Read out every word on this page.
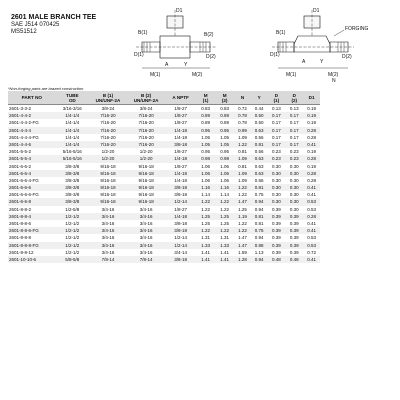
2601 MALE BRANCH TEE
SAE J514 070425
MS51512
D1
B(1)	B(2)
D(1)	D(2)
A	Y
M(1)	M(2)
D1
B(1)
FORGING
D(1)	D(2)
A	Y
M(1)	M(2)
N
*Non-forging parts are brazed construction
PART NO	TUBE
OD	B (1)
UN/UNF-2A	B (2)
UN/UNF-2A	A NPTF	M
(1)	M
(2)	N	Y	D
(1)	D
(2)	D1
2601-3-3-2	3/16-3/16	3/8-24	3/8-24	1/8-27	0.83	0.83	0.72	0.44	0.13	0.13	0.19
2601-4-4-2	1/4-1/4	7/16-20	7/16-20	1/8-27	0.89	0.89	0.78	0.50	0.17	0.17	0.19
2601-4-4-2-FG	1/4-1/4	7/16-20	7/16-20	1/8-27	0.89	0.89	0.78	0.50	0.17	0.17	0.19
2601-4-4-4	1/4-1/4	7/16-20	7/16-20	1/4-18	0.95	0.95	0.99	0.63	0.17	0.17	0.28
2601-4-4-4-FG	1/4-1/4	7/16-20	7/16-20	1/4-18	1.05	1.05	1.09	0.56	0.17	0.17	0.28
2601-4-4-6	1/4-1/4	7/16-20	7/16-20	3/8-18	1.05	1.05	1.22	0.81	0.17	0.17	0.41
2601-5-5-2	5/16-5/16	1/2-20	1/2-20	1/8-27	0.95	0.95	0.81	0.56	0.23	0.23	0.19
2601-5-5-4	5/16-5/16	1/2-20	1/2-20	1/4-18	0.98	0.98	1.09	0.63	0.23	0.23	0.28
2601-6-6-2	3/8-3/8	9/16-18	9/16-18	1/8-27	1.06	1.06	0.81	0.63	0.30	0.30	0.19
2601-6-6-4	3/8-3/8	9/16-18	9/16-18	1/4-18	1.06	1.06	1.09	0.63	0.30	0.30	0.28
2601-6-6-4-FG	3/8-3/8	9/16-18	9/16-18	1/4-18	1.06	1.06	1.09	0.56	0.30	0.30	0.28
2601-6-6-6	3/8-3/8	9/16-18	9/16-18	3/8-18	1.16	1.16	1.22	0.81	0.30	0.30	0.41
2601-6-6-6-FG	3/8-3/8	9/16-18	9/16-18	3/8-18	1.14	1.14	1.22	0.75	0.30	0.30	0.41
2601-6-6-8	3/8-3/8	9/16-18	9/16-18	1/2-14	1.22	1.22	1.47	0.94	0.30	0.30	0.53
2601-8-8-2	1/2-5/8	3/4-16	3/4-16	1/8-27	1.22	1.22	1.25	0.94	0.39	0.30	0.53
2601-8-8-4	1/2-1/2	3/4-16	3/4-16	1/4-18	1.25	1.25	1.19	0.81	0.39	0.39	0.28
2601-8-8-6	1/2-1/2	3/4-16	3/4-16	3/8-18	1.25	1.25	1.22	0.81	0.39	0.39	0.41
2601-8-8-6-FG	1/2-1/2	3/4-16	3/4-16	3/8-18	1.22	1.22	1.22	0.75	0.39	0.39	0.41
2601-8-8-8	1/2-1/2	3/4-16	3/4-16	1/2-14	1.31	1.31	1.47	0.94	0.39	0.39	0.53
2601-8-8-8-FG	1/2-1/2	3/4-16	3/4-16	1/2-14	1.33	1.33	1.47	0.88	0.39	0.39	0.53
2601-8-8-12	1/2-1/2	3/4-16	3/4-16	3/4-14	1.41	1.41	1.59	1.13	0.39	0.39	0.72
2601-10-10-6	5/8-5/8	7/8-14	7/8-14	3/8-18	1.41	1.41	1.28	0.94	0.48	0.48	0.41
